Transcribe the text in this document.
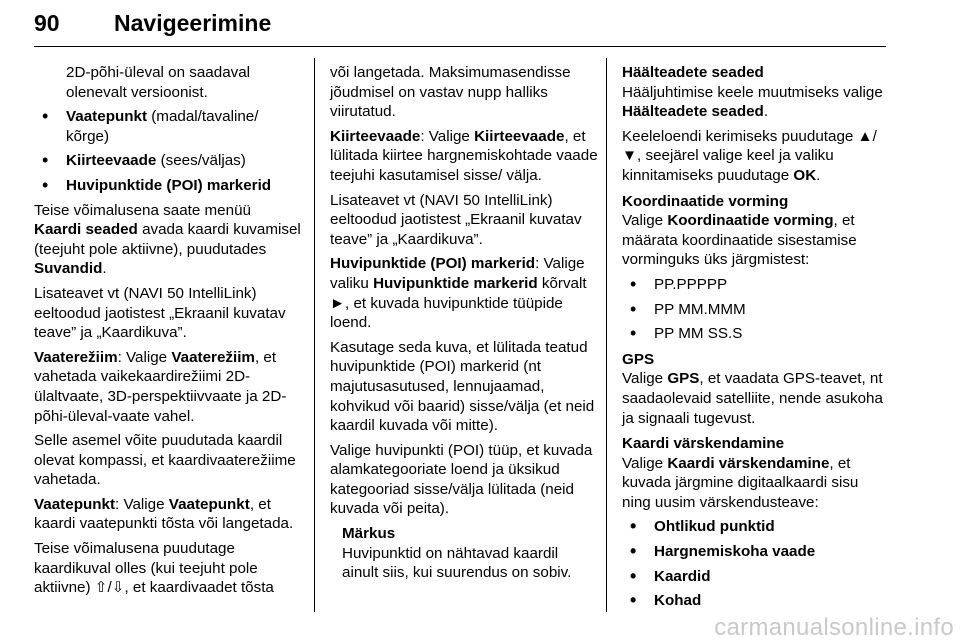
90 Navigeerimine

2D-põhi-üleval on saadaval olenevalt versioonist.

• Vaatepunkt (madal/tavaline/ kõrge)
• Kiirteevaade (sees/väljas)
• Huvipunktide (POI) markerid

Teise võimalusena saate menüü Kaardi seaded avada kaardi kuvamisel (teejuht pole aktiivne), puudutades Suvandid.

Lisateavet vt (NAVI 50 IntelliLink) eeltoodud jaotistest „Ekraanil kuvatav teave” ja „Kaardikuva”.

Vaaterežiim: Valige Vaaterežiim, et vahetada vaikekaardirežiimi 2D-ülaltvaate, 3D-perspektiivvaate ja 2D-põhi-üleval-vaate vahel.

Selle asemel võite puudutada kaardil olevat kompassi, et kaardivaaterežiime vahetada.

Vaatepunkt: Valige Vaatepunkt, et kaardi vaatepunkti tõsta või langetada.

Teise võimalusena puudutage kaardikuval olles (kui teejuht pole aktiivne) ⇧/⇩, et kaardivaadet tõsta

või langetada. Maksimumasendisse jõudmisel on vastav nupp halliks viirutatud.

Kiirteevaade: Valige Kiirteevaade, et lülitada kiirtee hargnemiskohtade vaade teejuhi kasutamisel sisse/ välja.

Lisateavet vt (NAVI 50 IntelliLink) eeltoodud jaotistest „Ekraanil kuvatav teave” ja „Kaardikuva”.

Huvipunktide (POI) markerid: Valige valiku Huvipunktide markerid kõrvalt ►, et kuvada huvipunktide tüüpide loend.

Kasutage seda kuva, et lülitada teatud huvipunktide (POI) markerid (nt majutusasutused, lennujaamad, kohvikud või baarid) sisse/välja (et neid kaardil kuvada või mitte).

Valige huvipunkti (POI) tüüp, et kuvada alamkategooriate loend ja üksikud kategooriad sisse/välja lülitada (neid kuvada või peita).

Märkus
Huvipunktid on nähtavad kaardil ainult siis, kui suurendus on sobiv.
Häälteadete seaded

Hääljuhtimise keele muutmiseks valige Häälteadete seaded.

Keeleloendi kerimiseks puudutage ▲/▼, seejärel valige keel ja valiku kinnitamiseks puudutage OK.

Koordinaatide vorming

Valige Koordinaatide vorming, et määrata koordinaatide sisestamise vorminguks üks järgmistest:

• PP.PPPPP
• PP MM.MMM
• PP MM SS.S
GPS

Valige GPS, et vaadata GPS-teavet, nt saadaolevaid satelliite, nende asukoha ja signaali tugevust.

Kaardi värskendamine

Valige Kaardi värskendamine, et kuvada järgmine digitaalkaardi sisu ning uusim värskendusteave:

• Ohtlikud punktid
• Hargnemiskoha vaade
• Kaardid
• Kohad
carmanualsonline.info
